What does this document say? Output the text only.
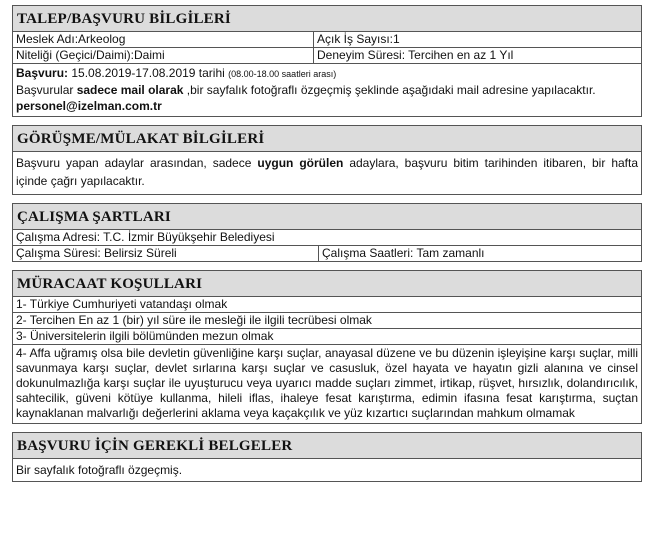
TALEP/BAŞVURU BİLGİLERİ
Meslek Adı:Arkeolog	Açık İş Sayısı:1
Niteliği (Geçici/Daimi):Daimi	Deneyim Süresi: Tercihen en az 1 Yıl
Başvuru: 15.08.2019-17.08.2019 tarihi (08.00-18.00 saatleri arası)
Başvurular sadece mail olarak ,bir sayfalık fotoğraflı özgeçmiş şeklinde aşağıdaki mail adresine yapılacaktır.
personel@izelman.com.tr
GÖRÜŞME/MÜLAKAT BİLGİLERİ
Başvuru yapan adaylar arasından, sadece uygun görülen adaylara, başvuru bitim tarihinden itibaren, bir hafta içinde çağrı yapılacaktır.
ÇALIŞMA ŞARTLARI
Çalışma Adresi: T.C. İzmir Büyükşehir Belediyesi
Çalışma Süresi: Belirsiz Süreli	Çalışma Saatleri: Tam zamanlı
MÜRACAAT KOŞULLARI
1- Türkiye Cumhuriyeti vatandaşı olmak
2- Tercihen En az 1 (bir) yıl süre ile mesleği ile ilgili tecrübesi olmak
3- Üniversitelerin ilgili bölümünden mezun olmak
4- Affa uğramış olsa bile devletin güvenliğine karşı suçlar, anayasal düzene ve bu düzenin işleyişine karşı suçlar, milli savunmaya karşı suçlar, devlet sırlarına karşı suçlar ve casusluk, özel hayata ve hayatın gizli alanına ve cinsel dokunulmazlığa karşı suçlar ile uyuşturucu veya uyarıcı madde suçları zimmet, irtikap, rüşvet, hırsızlık, dolandırıcılık, sahtecilik, güveni kötüye kullanma, hileli iflas, ihaleye fesat karıştırma, edimin ifasına fesat karıştırma, suçtan kaynaklanan malvarlığı değerlerini aklama veya kaçakçılık ve yüz kızartıcı suçlarından mahkum olmamak
BAŞVURU İÇİN GEREKLİ BELGELER
Bir sayfalık fotoğraflı özgeçmiş.
